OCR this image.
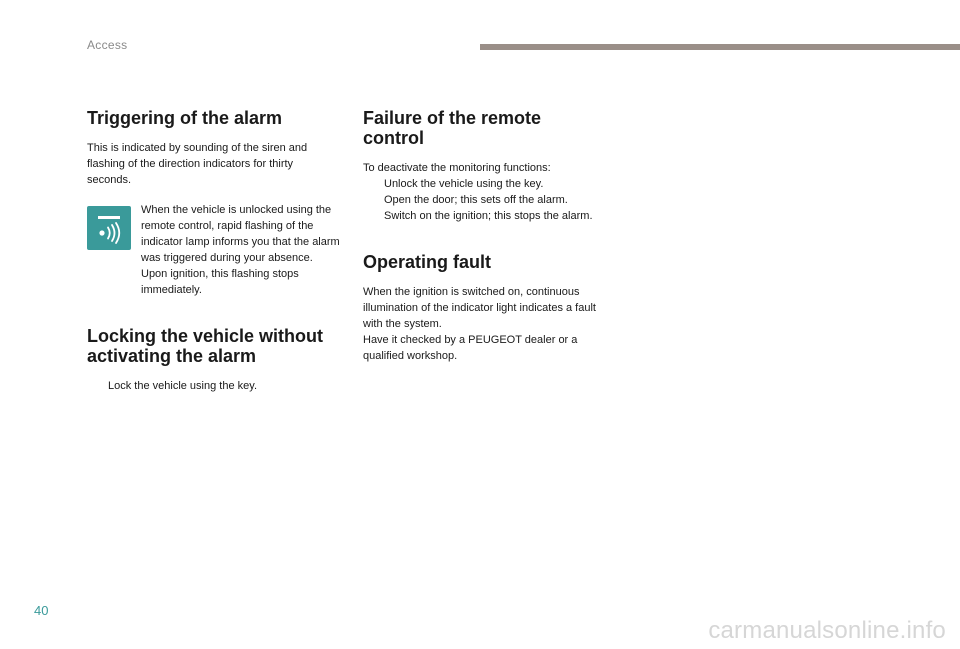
Access
Triggering of the alarm

This is indicated by sounding of the siren and flashing of the direction indicators for thirty seconds.

When the vehicle is unlocked using the remote control, rapid flashing of the indicator lamp informs you that the alarm was triggered during your absence. Upon ignition, this flashing stops immediately.
Locking the vehicle without activating the alarm
Lock the vehicle using the key.
Failure of the remote control

To deactivate the monitoring functions:

Unlock the vehicle using the key.
Open the door; this sets off the alarm.
Switch on the ignition; this stops the alarm.
Operating fault

When the ignition is switched on, continuous illumination of the indicator light indicates a fault with the system.

Have it checked by a PEUGEOT dealer or a qualified workshop.

40
carmanualsonline.info
